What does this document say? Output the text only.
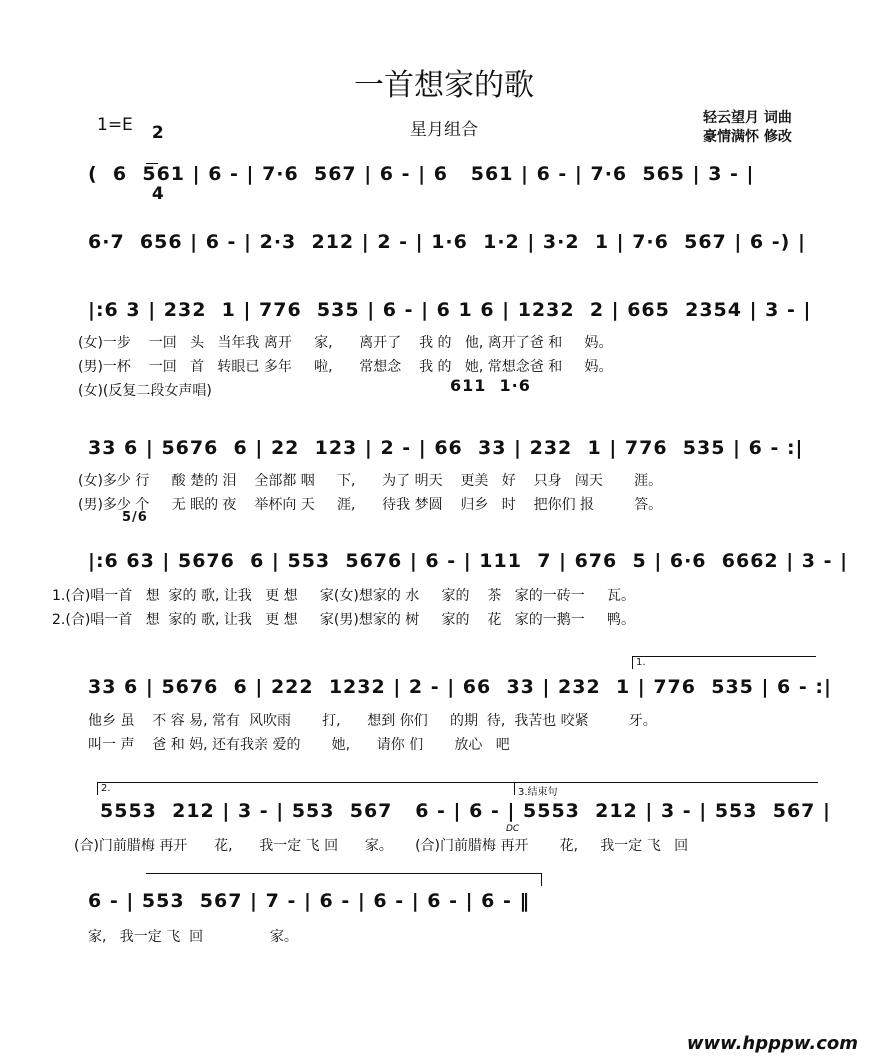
一首想家的歌
1=E	2

4

星月组合
轻云望月 词曲
豪情满怀 修改
(  6  561 | 6 - | 7·6  567 | 6 - | 6   561 | 6 - | 7·6  565 | 3 - |
6·7  656 | 6 - | 2·3  212 | 2 - | 1·6  1·2 | 3·2  1 | 7·6  567 | 6 -) |
|:6 3 | 232  1 | 776  535 | 6 - | 6 1 6 | 1232  2 | 665  2354 | 3 - |
(女)一步    一回   头   当年我 离开     家,      离开了    我 的   他, 离开了爸 和     妈。
(男)一杯    一回   首   转眼已 多年     啦,      常想念    我 的   她, 常想念爸 和     妈。
(女)(反复二段女声唱)	611  1·6
33 6 | 5676  6 | 22  123 | 2 - | 66  33 | 232  1 | 776  535 | 6 - :|
(女)多少 行     酸 楚的 泪    全部都 咽     下,      为了 明天    更美   好    只身   闯天       涯。
(男)多少 个     无 眠的 夜    举杯向 天     涯,      待我 梦圆    归乡   时    把你们 报         答。
5/6
|:6 63 | 5676  6 | 553  5676 | 6 - | 111  7 | 676  5 | 6·6  6662 | 3 - |
1.(合)唱一首   想  家的 歌, 让我   更 想     家(女)想家的 水     家的    茶   家的一砖一     瓦。
2.(合)唱一首   想  家的 歌, 让我   更 想     家(男)想家的 树     家的    花   家的一鹅一     鸭。
1.
33 6 | 5676  6 | 222  1232 | 2 - | 66  33 | 232  1 | 776  535 | 6 - :|
他乡 虽    不 容 易, 常有  风吹雨       打,      想到 你们     的期  待,  我苦也 咬紧         牙。
叫一 声    爸 和 妈, 还有我亲 爱的       她,      请你 们       放心   吧
2.	3.结束句
5553  212 | 3 - | 553  567   6 - | 6 - | 5553  212 | 3 - | 553  567 |
(合)门前腊梅 再开      花,      我一定 飞 回      家。     (合)门前腊梅 再开       花,     我一定 飞   回
DC
6 - | 553  567 | 7 - | 6 - | 6 - | 6 - | 6 - ‖
家,   我一定 飞  回               家。
www.hpppw.com
